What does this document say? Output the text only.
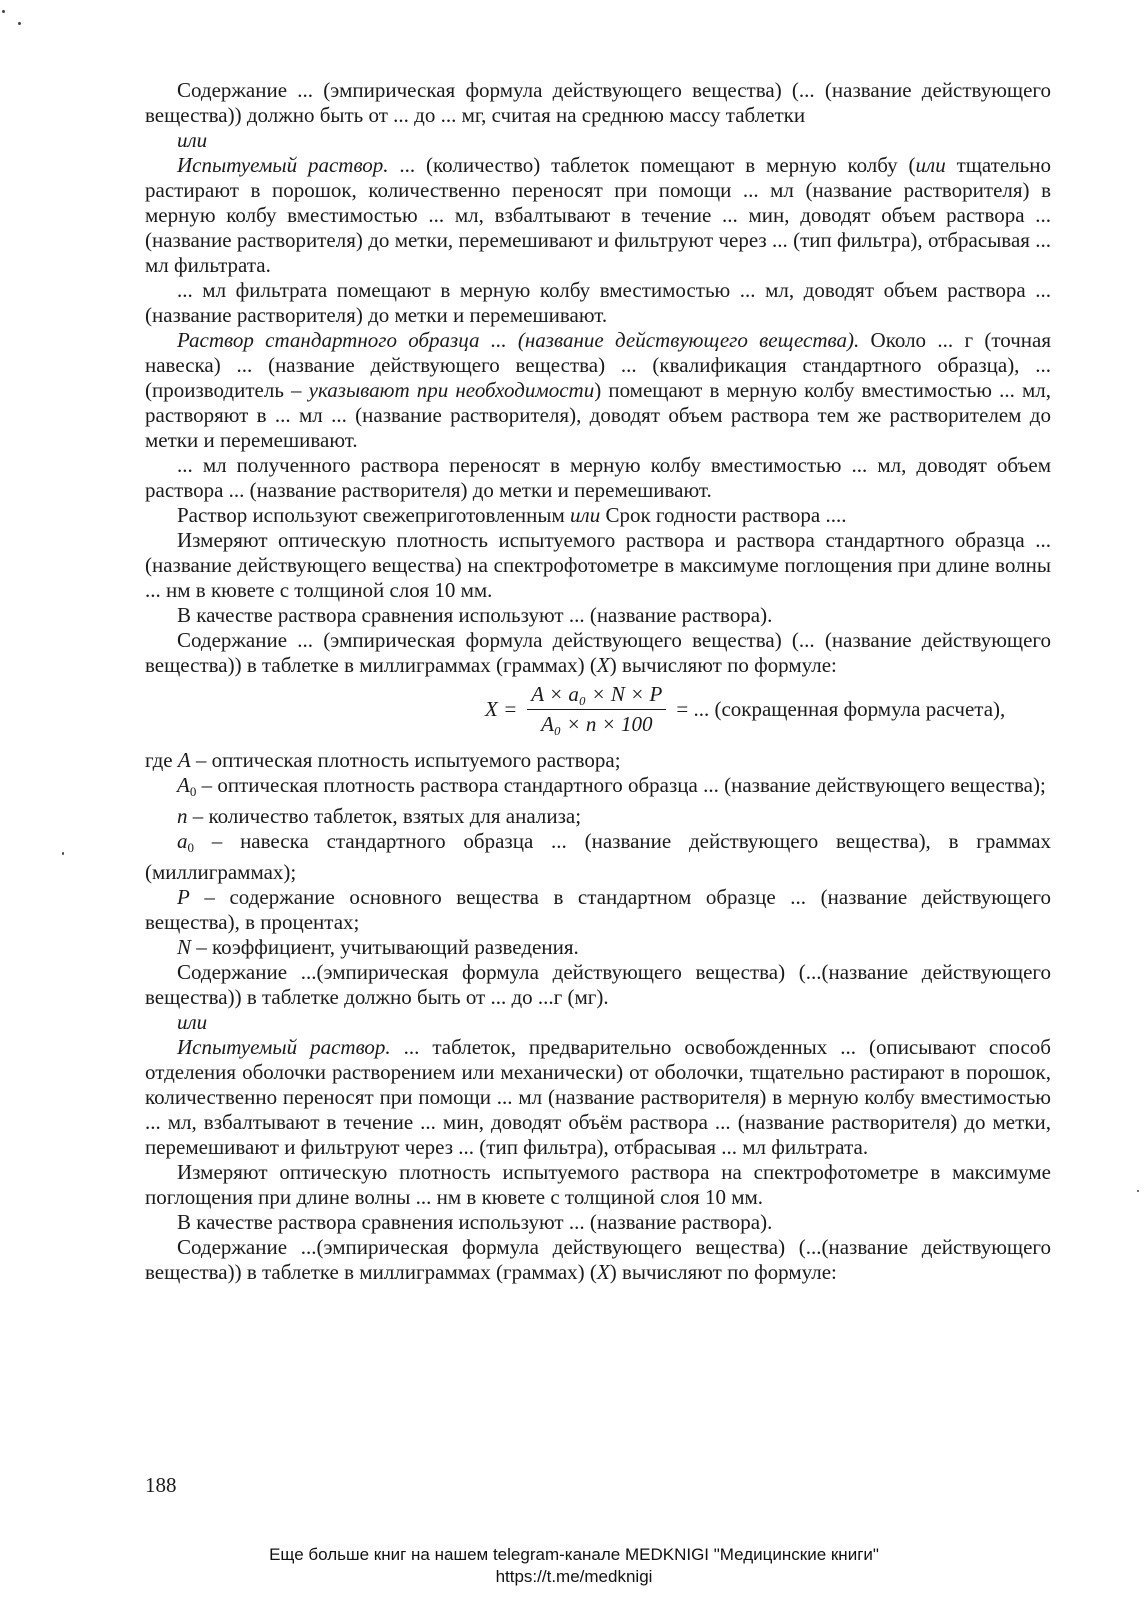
Содержание ... (эмпирическая формула действующего вещества) (... (название действующего вещества)) должно быть от ... до ... мг, считая на среднюю массу таблетки

или

Испытуемый раствор. ... (количество) таблеток помещают в мерную колбу (или тщательно растирают в порошок, количественно переносят при помощи ... мл (название растворителя) в мерную колбу вместимостью ... мл, взбалтывают в течение ... мин, доводят объем раствора ... (название растворителя) до метки, перемешивают и фильтруют через ... (тип фильтра), отбрасывая ... мл фильтрата.

... мл фильтрата помещают в мерную колбу вместимостью ... мл, доводят объем раствора ... (название растворителя) до метки и перемешивают.

Раствор стандартного образца ... (название действующего вещества). Около ... г (точная навеска) ... (название действующего вещества) ... (квалификация стандартного образца), ... (производитель – указывают при необходимости) помещают в мерную колбу вместимостью ... мл, растворяют в ... мл ... (название растворителя), доводят объем раствора тем же растворителем до метки и перемешивают.

... мл полученного раствора переносят в мерную колбу вместимостью ... мл, доводят объем раствора ... (название растворителя) до метки и перемешивают.

Раствор используют свежеприготовленным или Срок годности раствора ....

Измеряют оптическую плотность испытуемого раствора и раствора стандартного образца ... (название действующего вещества) на спектрофотометре в максимуме поглощения при длине волны ... нм в кювете с толщиной слоя 10 мм.

В качестве раствора сравнения используют ... (название раствора).

Содержание ... (эмпирическая формула действующего вещества) (... (название действующего вещества)) в таблетке в миллиграммах (граммах) (X) вычисляют по формуле:

$X = \frac{\text{A × a₀ × N × P}}{\text{A₀ × n × 100}}$ = ... (сокращенная формула расчета),

где A – оптическая плотность испытуемого раствора;

$A_0$ – оптическая плотность раствора стандартного образца ... (название действующего вещества);

n – количество таблеток, взятых для анализа;

$a_0$ – навеска стандартного образца ... (название действующего вещества), в граммах (миллиграммах);

P – содержание основного вещества в стандартном образце ... (название действующего вещества), в процентах;

N – коэффициент, учитывающий разведения.

Содержание ...(эмпирическая формула действующего вещества) (...(название действующего вещества)) в таблетке должно быть от ... до ...г (мг).

или

Испытуемый раствор. ... таблеток, предварительно освобожденных ... (описывают способ отделения оболочки растворением или механически) от оболочки, тщательно растирают в порошок, количественно переносят при помощи ... мл (название растворителя) в мерную колбу вместимостью ... мл, взбалтывают в течение ... мин, доводят объём раствора ... (название растворителя) до метки, перемешивают и фильтруют через ... (тип фильтра), отбрасывая ... мл фильтрата.

Измеряют оптическую плотность испытуемого раствора на спектрофотометре в максимуме поглощения при длине волны ... нм в кювете с толщиной слоя 10 мм.

В качестве раствора сравнения используют ... (название раствора).

Содержание ...(эмпирическая формула действующего вещества) (...(название действующего вещества)) в таблетке в миллиграммах (граммах) (X) вычисляют по формуле:

188
Еще больше книг на нашем telegram-канале MEDKNIGI "Медицинские книги"
https://t.me/medknigi
